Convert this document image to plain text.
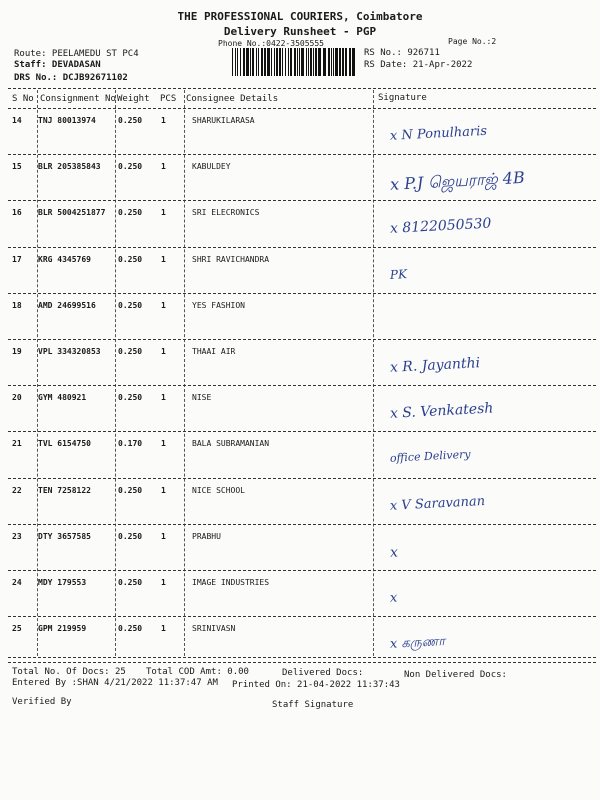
THE PROFESSIONAL COURIERS, Coimbatore
Delivery Runsheet - PGP
Phone No.:0422-3505555	Page No.:2
Route: PEELAMEDU ST PC4
Staff: DEVADASAN
DRS No.: DCJB92671102
RS No.: 926711
RS Date: 21-Apr-2022
S No Consignment No Weight PCS Consignee Details	Signature
14 TNJ 80013974	0.250 1	SHARUKILARASA
x N Ponulharis
15 BLR 205385843 0.250 1	KABULDEY
x P.J ஜெயராஜ் 4B
16 BLR 5004251877 0.250 1	SRI ELECRONICS
x 8122050530
17 KRG 4345769	0.250 1	SHRI RAVICHANDRA
PK
18 AMD 24699516	0.250 1	YES FASHION
19 VPL 334320853 0.250 1	THAAI AIR
x R. Jayanthi
20 GYM 480921	0.250 1	NISE
x S. Venkatesh
21 TVL 6154750	0.170 1	BALA SUBRAMANIAN
office Delivery
22 TEN 7258122	0.250 1	NICE SCHOOL
x V Saravanan
23 DTY 3657585	0.250 1	PRABHU
x
24 MDY 179553	0.250 1	IMAGE INDUSTRIES
x
25 GPM 219959	0.250 1	SRINIVASN
x கருணா
Total No. Of Docs: 25 Total COD Amt: 0.00	Delivered Docs:	Non Delivered Docs:
Entered By :SHAN 4/21/2022 11:37:47 AM Printed On: 21-04-2022 11:37:43
Verified By	Staff Signature
